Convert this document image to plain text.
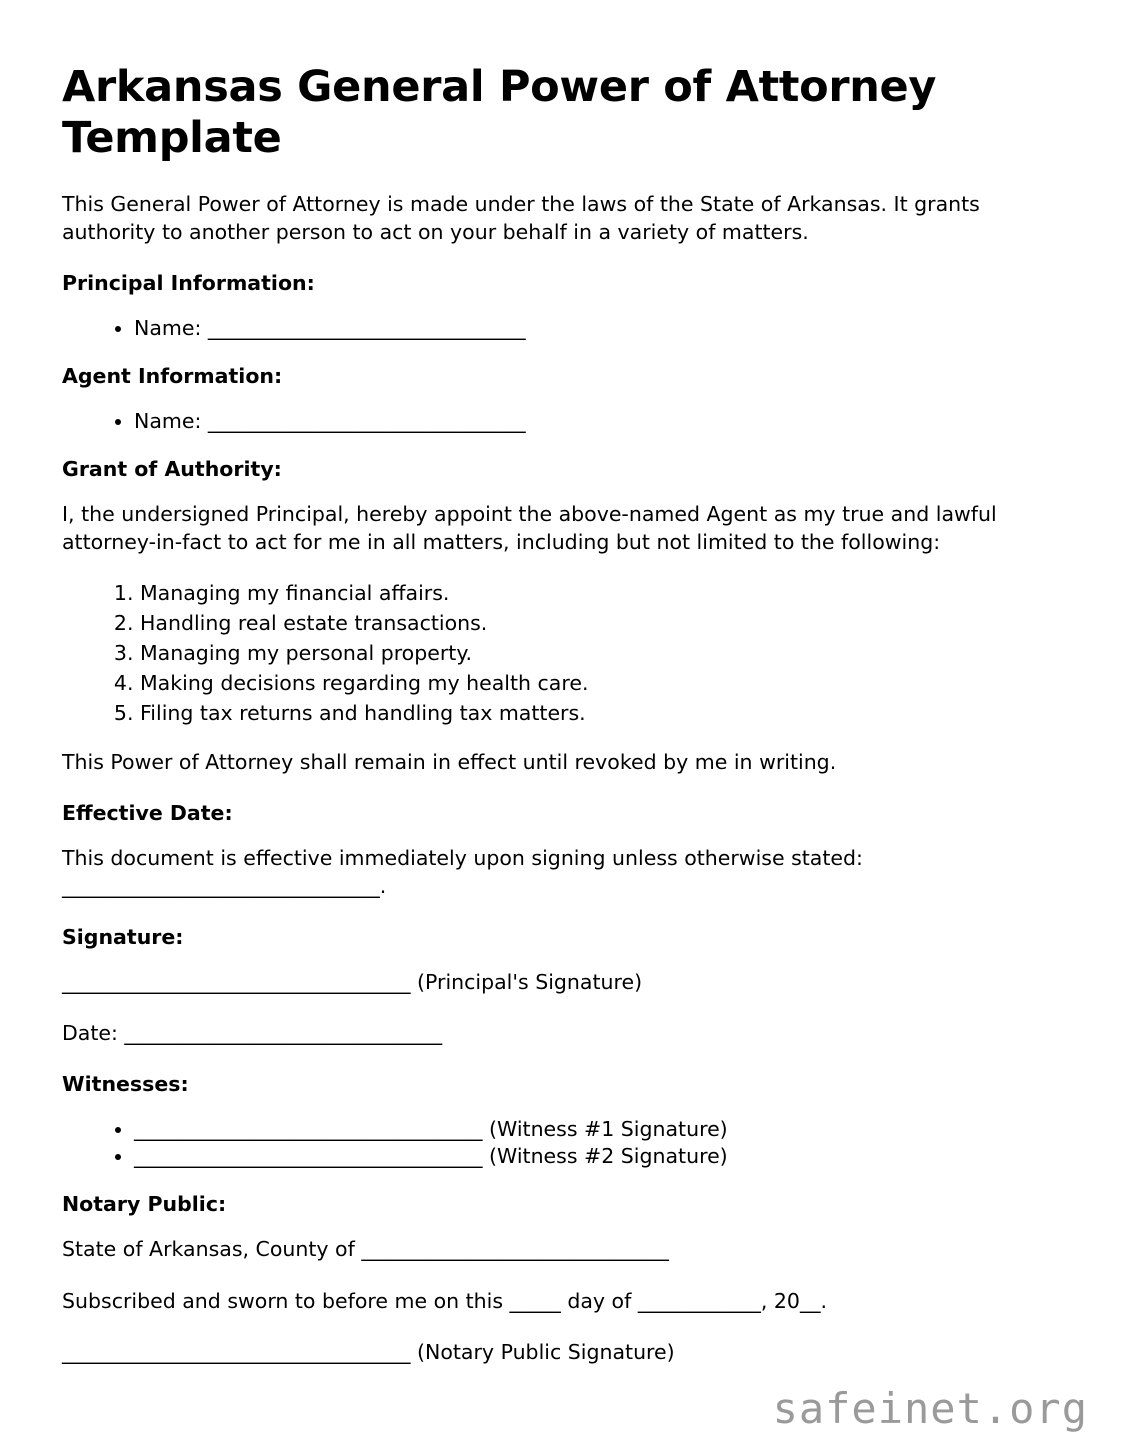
Arkansas General Power of Attorney Template

This General Power of Attorney is made under the laws of the State of Arkansas. It grants authority to another person to act on your behalf in a variety of matters.

Principal Information:
• Name: _______________________________
Agent Information:
• Name: _______________________________
Grant of Authority:

I, the undersigned Principal, hereby appoint the above-named Agent as my true and lawful attorney-in-fact to act for me in all matters, including but not limited to the following:

1. Managing my financial affairs.
2. Handling real estate transactions.
3. Managing my personal property.
4. Making decisions regarding my health care.
5. Filing tax returns and handling tax matters.

This Power of Attorney shall remain in effect until revoked by me in writing.

Effective Date:

This document is effective immediately upon signing unless otherwise stated: _______________________________.

Signature:

__________________________________ (Principal's Signature)

Date: _______________________________

Witnesses:
• __________________________________ (Witness #1 Signature)
• __________________________________ (Witness #2 Signature)
Notary Public:

State of Arkansas, County of ______________________________

Subscribed and sworn to before me on this _____ day of ____________, 20__.

__________________________________ (Notary Public Signature)

safeinet.org
